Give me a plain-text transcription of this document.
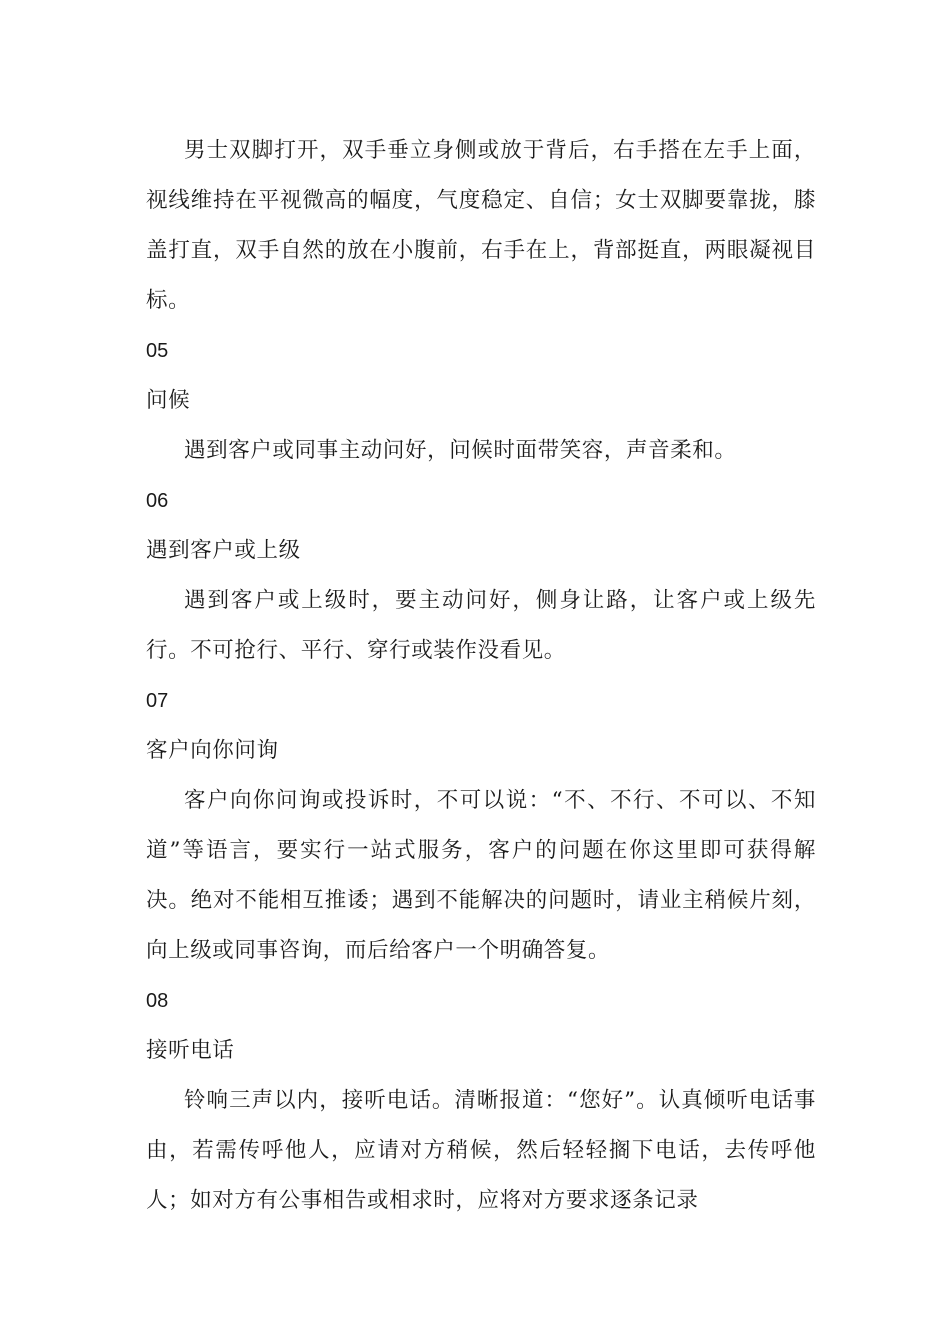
男士双脚打开，双手垂立身侧或放于背后，右手搭在左手上面，视线维持在平视微高的幅度，气度稳定、自信；女士双脚要靠拢，膝盖打直，双手自然的放在小腹前，右手在上，背部挺直，两眼凝视目标。

05

问候

遇到客户或同事主动问好，问候时面带笑容，声音柔和。

06

遇到客户或上级

遇到客户或上级时，要主动问好，侧身让路，让客户或上级先行。不可抢行、平行、穿行或装作没看见。

07

客户向你问询

客户向你问询或投诉时，不可以说：“不、不行、不可以、不知道”等语言，要实行一站式服务，客户的问题在你这里即可获得解决。绝对不能相互推诿；遇到不能解决的问题时，请业主稍候片刻，向上级或同事咨询，而后给客户一个明确答复。

08

接听电话

铃响三声以内，接听电话。清晰报道：“您好”。认真倾听电话事由，若需传呼他人，应请对方稍候，然后轻轻搁下电话，去传呼他人；如对方有公事相告或相求时，应将对方要求逐条记录
